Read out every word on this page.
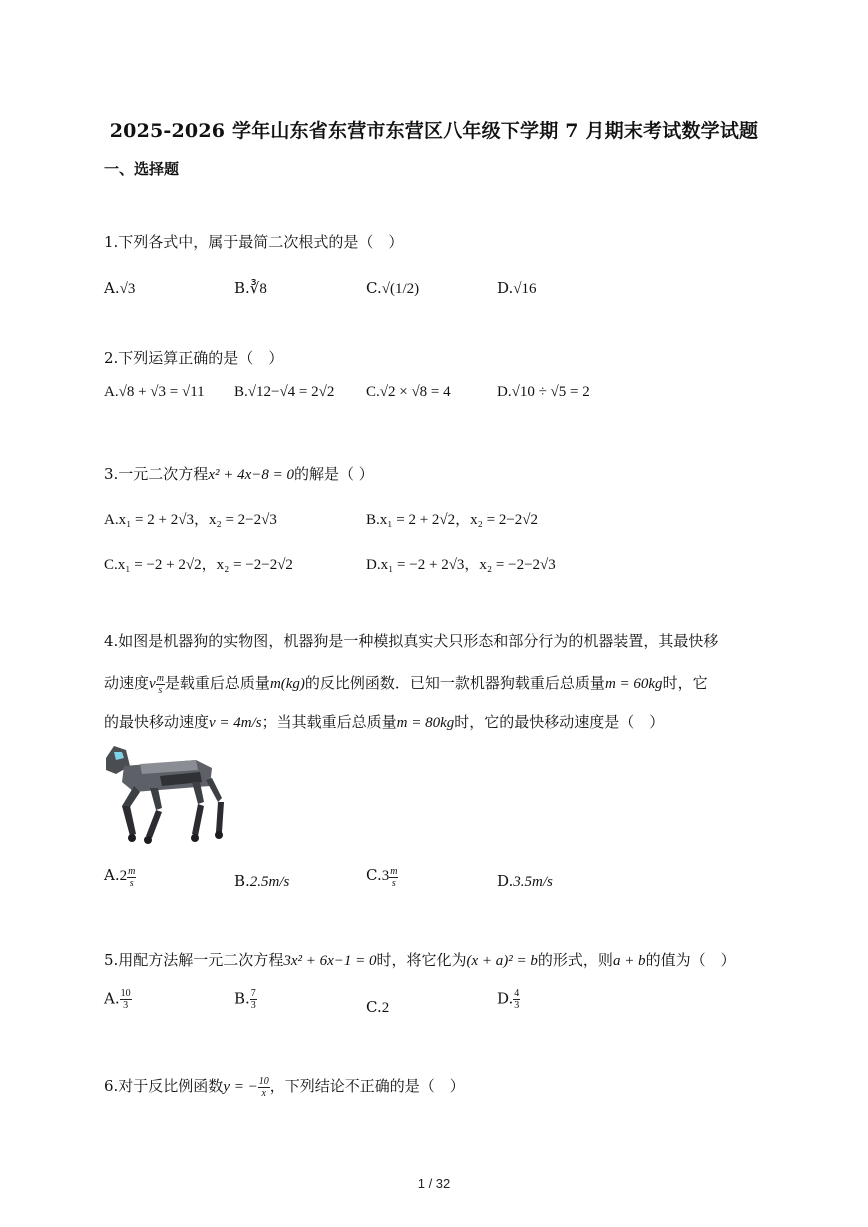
2025-2026 学年山东省东营市东营区八年级下学期 7 月期末考试数学试题
一、选择题
1.下列各式中，属于最简二次根式的是（　）
A.√3	B.∛8	C.√(1/2)	D.√16
2.下列运算正确的是（　）
A.√8 + √3 = √11 B.√12−√4 = 2√2 C.√2 × √8 = 4	D.√10 ÷ √5 = 2
3.一元二次方程x² + 4x−8 = 0的解是（ ）
A.x₁ = 2 + 2√3，x₂ = 2−2√3	B.x₁ = 2 + 2√2，x₂ = 2−2√2
C.x₁ = −2 + 2√2，x₂ = −2−2√2	D.x₁ = −2 + 2√3，x₂ = −2−2√3
4.如图是机器狗的实物图，机器狗是一种模拟真实犬只形态和部分行为的机器装置，其最快移
动速度v $\frac{m}{s}$ 是载重后总质量m(kg)的反比例函数．已知一款机器狗载重后总质量m = 60kg时，它
的最快移动速度v = 4m/s；当其载重后总质量m = 80kg时，它的最快移动速度是（　）
$A.2 \frac{m}{s}$	B.2.5m/s	$C.3 \frac{m}{s}$	D.3.5m/s
5.用配方法解一元二次方程3x² + 6x−1 = 0时，将它化为(x + a)² = b的形式，则a + b的值为（　）
A. $\frac{10}{3}$	B. $\frac{7}{3}$	C.2
D. $\frac{4}{3}$
6.对于反比例函数y = − $\frac{10}{x}$ ，下列结论不正确的是（　）
1 / 32
